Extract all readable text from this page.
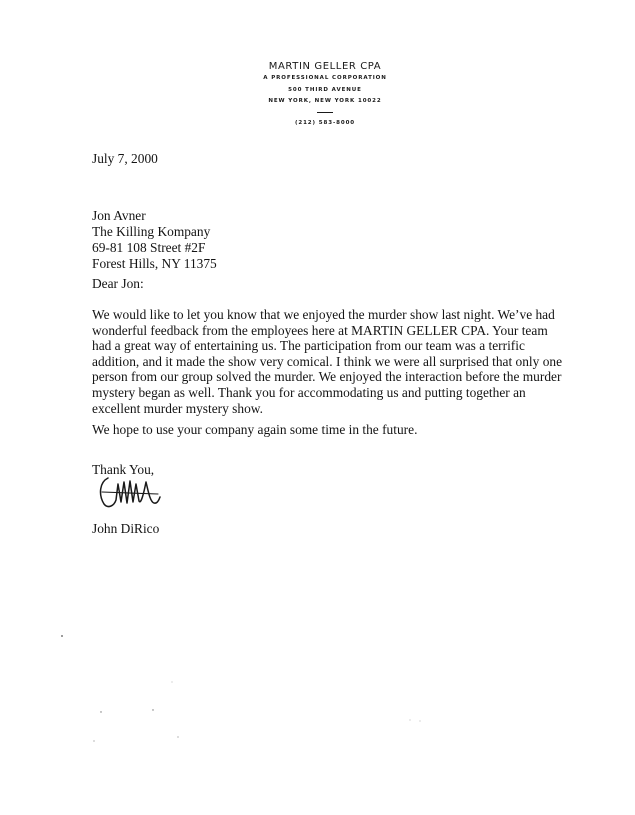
MARTIN GELLER CPA
A PROFESSIONAL CORPORATION
500 THIRD AVENUE
NEW YORK, NEW YORK 10022
(212) 583-8000
July 7, 2000
Jon Avner
The Killing Kompany
69-81 108 Street #2F
Forest Hills, NY 11375
Dear Jon:
We would like to let you know that we enjoyed the murder show last night. We’ve had
wonderful feedback from the employees here at MARTIN GELLER CPA. Your team
had a great way of entertaining us. The participation from our team was a terrific
addition, and it made the show very comical. I think we were all surprised that only one
person from our group solved the murder. We enjoyed the interaction before the murder
mystery began as well. Thank you for accommodating us and putting together an
excellent murder mystery show.
We hope to use your company again some time in the future.
Thank You,
John DiRico
